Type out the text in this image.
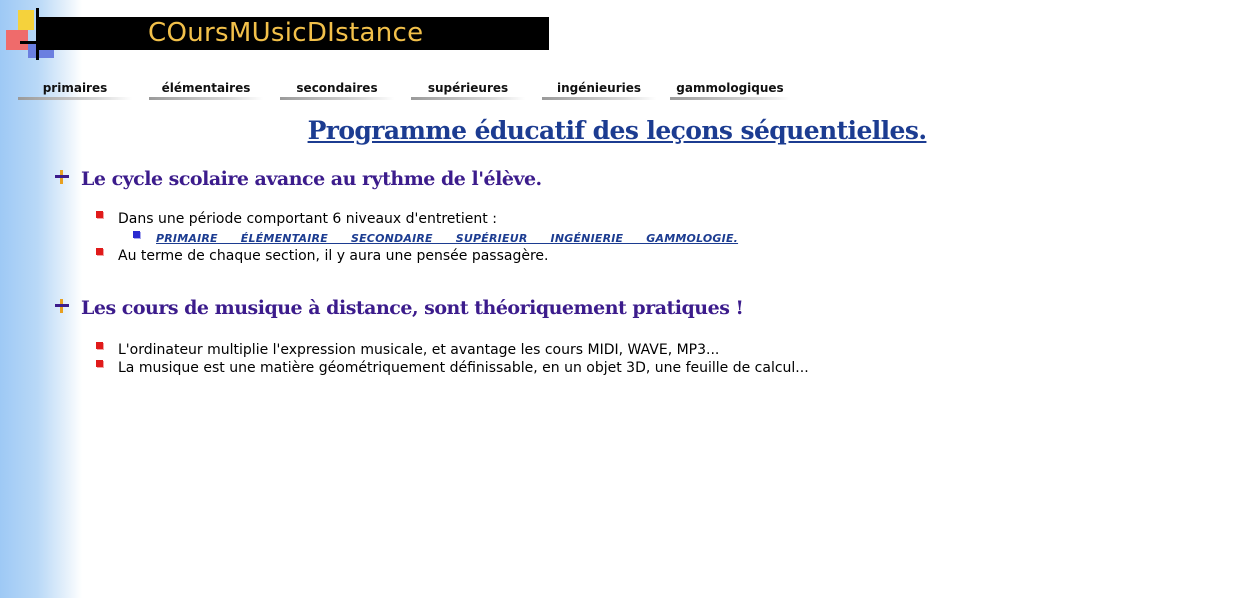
COursMUsicDIstance
primaires	élémentaires	secondaires	supérieures	ingénieuries	gammologiques
Programme éducatif des leçons séquentielles.
Le cycle scolaire avance au rythme de l'élève.
Dans une période comportant 6 niveaux d'entretient :
PRIMAIRE ÉLÉMENTAIRE SECONDAIRE SUPÉRIEUR INGÉNIERIE GAMMOLOGIE.
Au terme de chaque section, il y aura une pensée passagère.
Les cours de musique à distance, sont théoriquement pratiques !
L'ordinateur multiplie l'expression musicale, et avantage les cours MIDI, WAVE, MP3...
La musique est une matière géométriquement définissable, en un objet 3D, une feuille de calcul...
